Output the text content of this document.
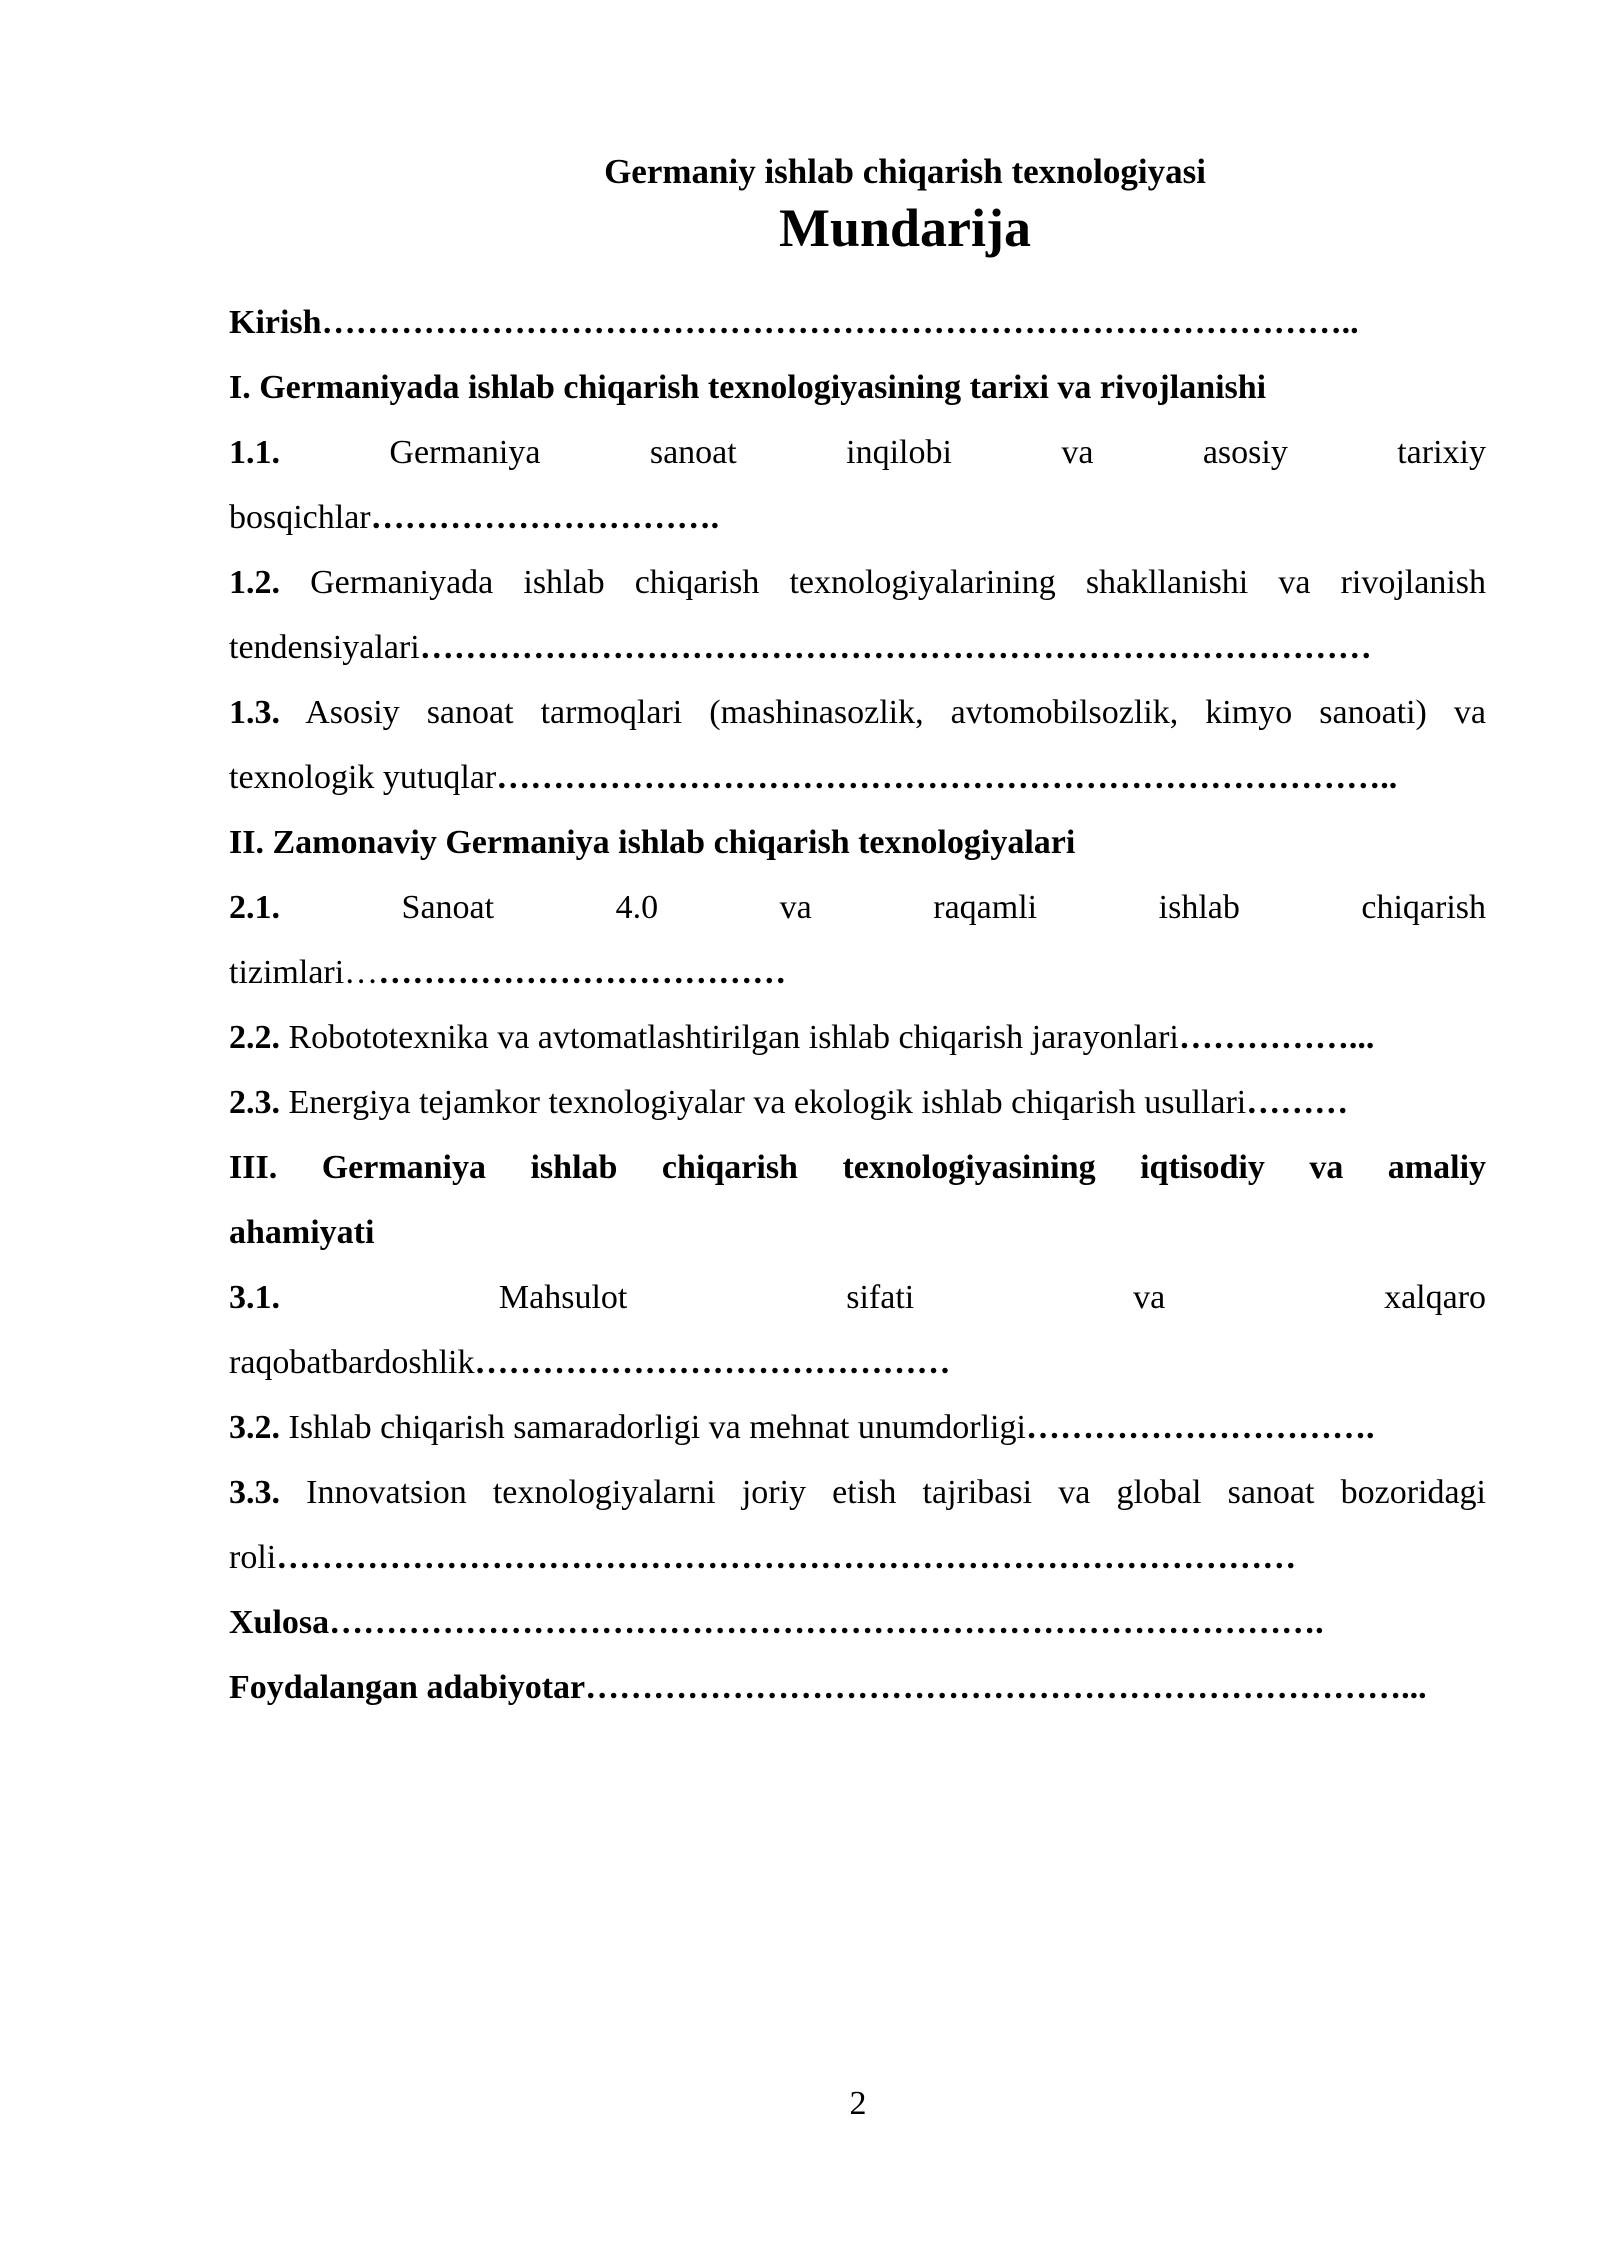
Germaniy ishlab chiqarish texnologiyasi
Mundarija
Kirish………………………………………………………………………………..
I. Germaniyada ishlab chiqarish texnologiyasining tarixi va rivojlanishi
1.1.	Germaniya	sanoat	inqilobi	va	asosiy	tarixiy
bosqichlar………………………….
1.2. Germaniyada ishlab chiqarish texnologiyalarining shakllanishi va rivojlanish
tendensiyalari…………………………………………………………………………
1.3. Asosiy sanoat tarmoqlari (mashinasozlik, avtomobilsozlik, kimyo sanoati) va
texnologik yutuqlar……………………………………………………………………..
II. Zamonaviy Germaniya ishlab chiqarish texnologiyalari
2.1.	Sanoat	4.0	va	raqamli	ishlab	chiqarish
tizimlari…………………………………
2.2. Robototexnika va avtomatlashtirilgan ishlab chiqarish jarayonlari……………...
2.3. Energiya tejamkor texnologiyalar va ekologik ishlab chiqarish usullari………
III. Germaniya ishlab chiqarish texnologiyasining iqtisodiy va amaliy
ahamiyati
3.1.	Mahsulot	sifati	va	xalqaro
raqobatbardoshlik……………………………………
3.2. Ishlab chiqarish samaradorligi va mehnat unumdorligi………………………….
3.3. Innovatsion texnologiyalarni joriy etish tajribasi va global sanoat bozoridagi
roli………………………………………………………………………………
Xulosa…………………………………………………………………………….
Foydalangan adabiyotar………………………………………………………………...
2
